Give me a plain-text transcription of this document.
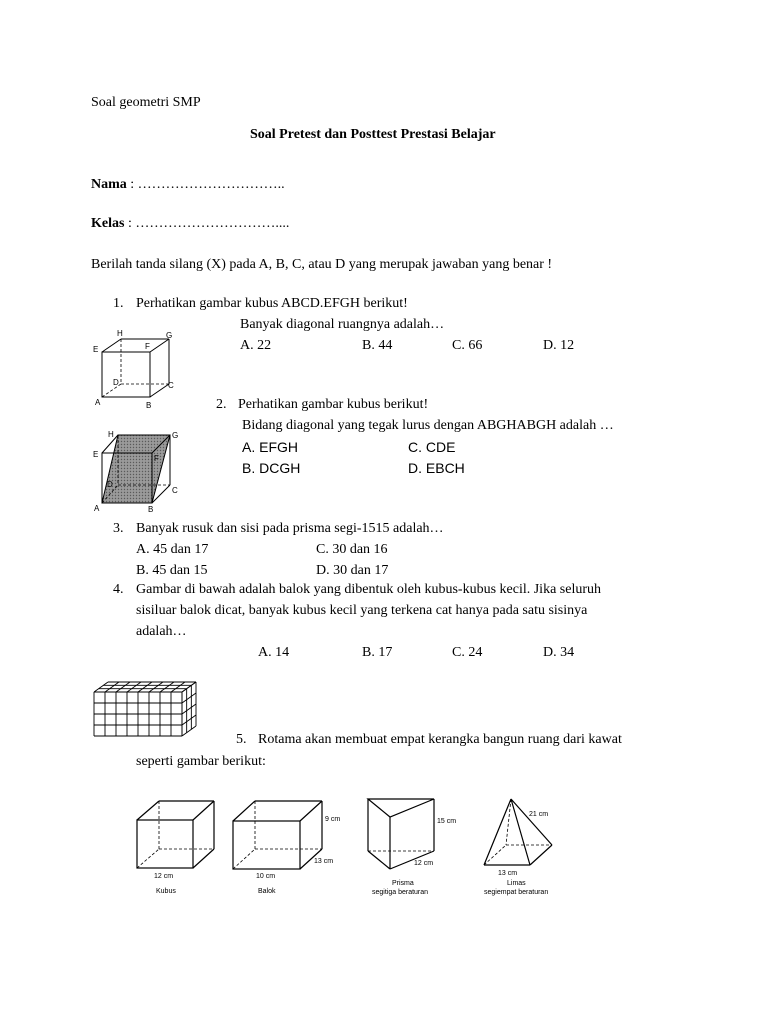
Soal geometri SMP
Soal Pretest dan Posttest Prestasi Belajar
Nama : …………………………..
Kelas : …………………………....
Berilah tanda silang (X) pada A, B, C, atau D yang merupak jawaban yang benar !
1. Perhatikan gambar kubus ABCD.EFGH berikut!
Banyak diagonal ruangnya adalah…
A. 22	B. 44	C. 66	D. 12
H	G
E	F
D	C
A	B	2. Perhatikan gambar kubus berikut!
Bidang diagonal yang tegak lurus dengan ABGHABGH adalah …
A. EFGH	C. CDE
B. DCGH	D. EBCH
H	G
E	F
D
C
A	B
3. Banyak rusuk dan sisi pada prisma segi-1515 adalah…
A. 45 dan 17	C. 30 dan 16
B. 45 dan 15	D. 30 dan 17
4. Gambar di bawah adalah balok yang dibentuk oleh kubus-kubus kecil. Jika seluruh
sisiluar balok dicat, banyak kubus kecil yang terkena cat hanya pada satu sisinya
adalah…
A. 14	B. 17	C. 24	D. 34
5. Rotama akan membuat empat kerangka bangun ruang dari kawat
seperti gambar berikut:
12 cm
Kubus
9 cm
13 cm
10 cm
Balok
15 cm
12 cm
Prisma
segitiga beraturan
21 cm
13 cm
Limas
segiempat beraturan
